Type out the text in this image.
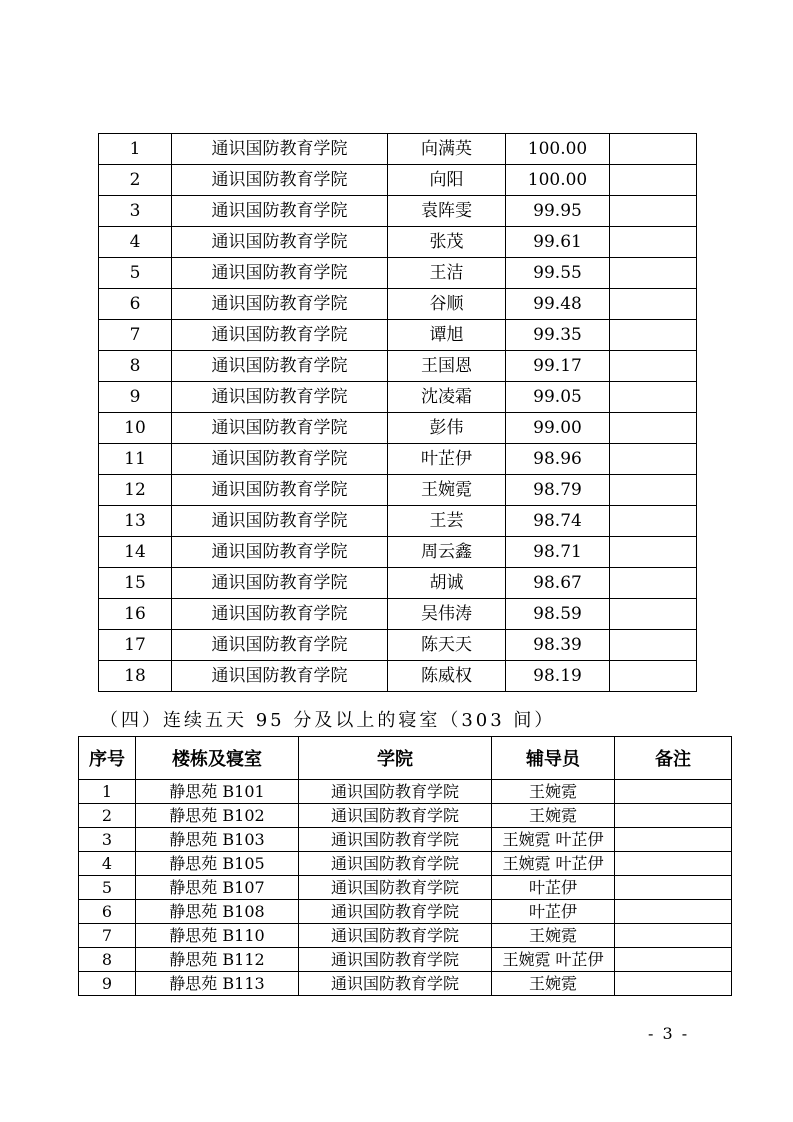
1	通识国防教育学院	向满英	100.00	
2	通识国防教育学院	向阳	100.00	
3	通识国防教育学院	袁阵雯	99.95	
4	通识国防教育学院	张茂	99.61	
5	通识国防教育学院	王洁	99.55	
6	通识国防教育学院	谷顺	99.48	
7	通识国防教育学院	谭旭	99.35	
8	通识国防教育学院	王国恩	99.17	
9	通识国防教育学院	沈凌霜	99.05	
10	通识国防教育学院	彭伟	99.00	
11	通识国防教育学院	叶芷伊	98.96	
12	通识国防教育学院	王婉霓	98.79	
13	通识国防教育学院	王芸	98.74	
14	通识国防教育学院	周云鑫	98.71	
15	通识国防教育学院	胡诚	98.67	
16	通识国防教育学院	吴伟涛	98.59	
17	通识国防教育学院	陈天天	98.39	
18	通识国防教育学院	陈威权	98.19	
（四）连续五天 95 分及以上的寝室（303 间）
序号	楼栋及寝室	学院	辅导员	备注
1	静思苑 B101	通识国防教育学院	王婉霓	
2	静思苑 B102	通识国防教育学院	王婉霓	
3	静思苑 B103	通识国防教育学院	王婉霓 叶芷伊	
4	静思苑 B105	通识国防教育学院	王婉霓 叶芷伊	
5	静思苑 B107	通识国防教育学院	叶芷伊	
6	静思苑 B108	通识国防教育学院	叶芷伊	
7	静思苑 B110	通识国防教育学院	王婉霓	
8	静思苑 B112	通识国防教育学院	王婉霓 叶芷伊	
9	静思苑 B113	通识国防教育学院	王婉霓	
- 3 -
